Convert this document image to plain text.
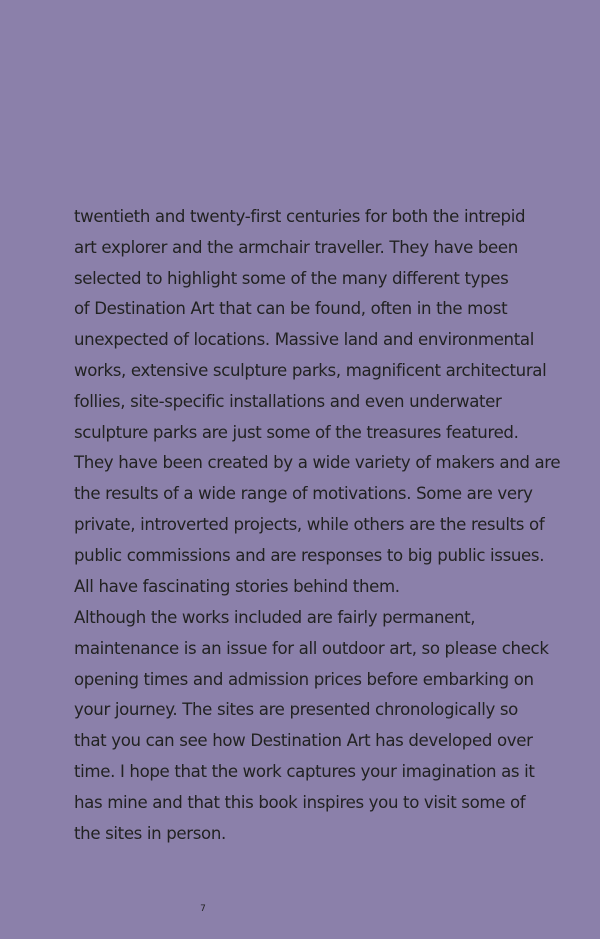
twentieth and twenty-first centuries for both the intrepid
art explorer and the armchair traveller. They have been
selected to highlight some of the many different types
of Destination Art that can be found, often in the most
unexpected of locations. Massive land and environmental
works, extensive sculpture parks, magnificent architectural
follies, site-specific installations and even underwater
sculpture parks are just some of the treasures featured.
They have been created by a wide variety of makers and are
the results of a wide range of motivations. Some are very
private, introverted projects, while others are the results of
public commissions and are responses to big public issues.
All have fascinating stories behind them.

Although the works included are fairly permanent,
maintenance is an issue for all outdoor art, so please check
opening times and admission prices before embarking on
your journey. The sites are presented chronologically so
that you can see how Destination Art has developed over
time. I hope that the work captures your imagination as it
has mine and that this book inspires you to visit some of
the sites in person.

7
